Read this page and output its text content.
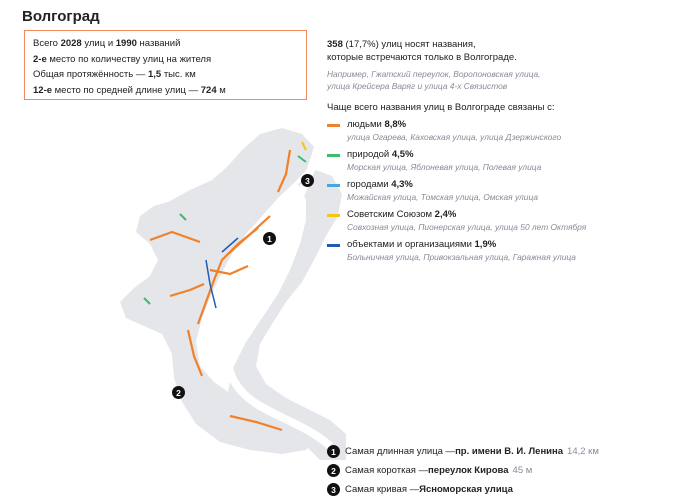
Волгоград
Всего 2028 улиц и 1990 названий
2-е место по количеству улиц на жителя
Общая протяжённость — 1,5 тыс. км
12-е место по средней длине улиц — 724 м
1
2
3
358 (17,7%) улиц носят названия,
которые встречаются только в Волгограде.
Например, Гжатский переулок, Воропоновская улица,
улица Крейсера Варяг и улица 4-х Связистов
Чаще всего названия улиц в Волгограде связаны с:
людьми 8,8%
улица Огарева, Каховская улица, улица Дзержинского
природой 4,5%
Морская улица, Яблоневая улица, Полевая улица
городами 4,3%
Можайская улица, Томская улица, Омская улица
Советским Союзом 2,4%
Совхозная улица, Пионерская улица, улица 50 лет Октября
объектами и организациями 1,9%
Больничная улица, Привокзальная улица, Гаражная улица
1 Самая длинная улица — пр. имени В. И. Ленина 14,2 км
2 Самая короткая — переулок Кирова 45 м
3 Самая кривая — Ясноморская улица
